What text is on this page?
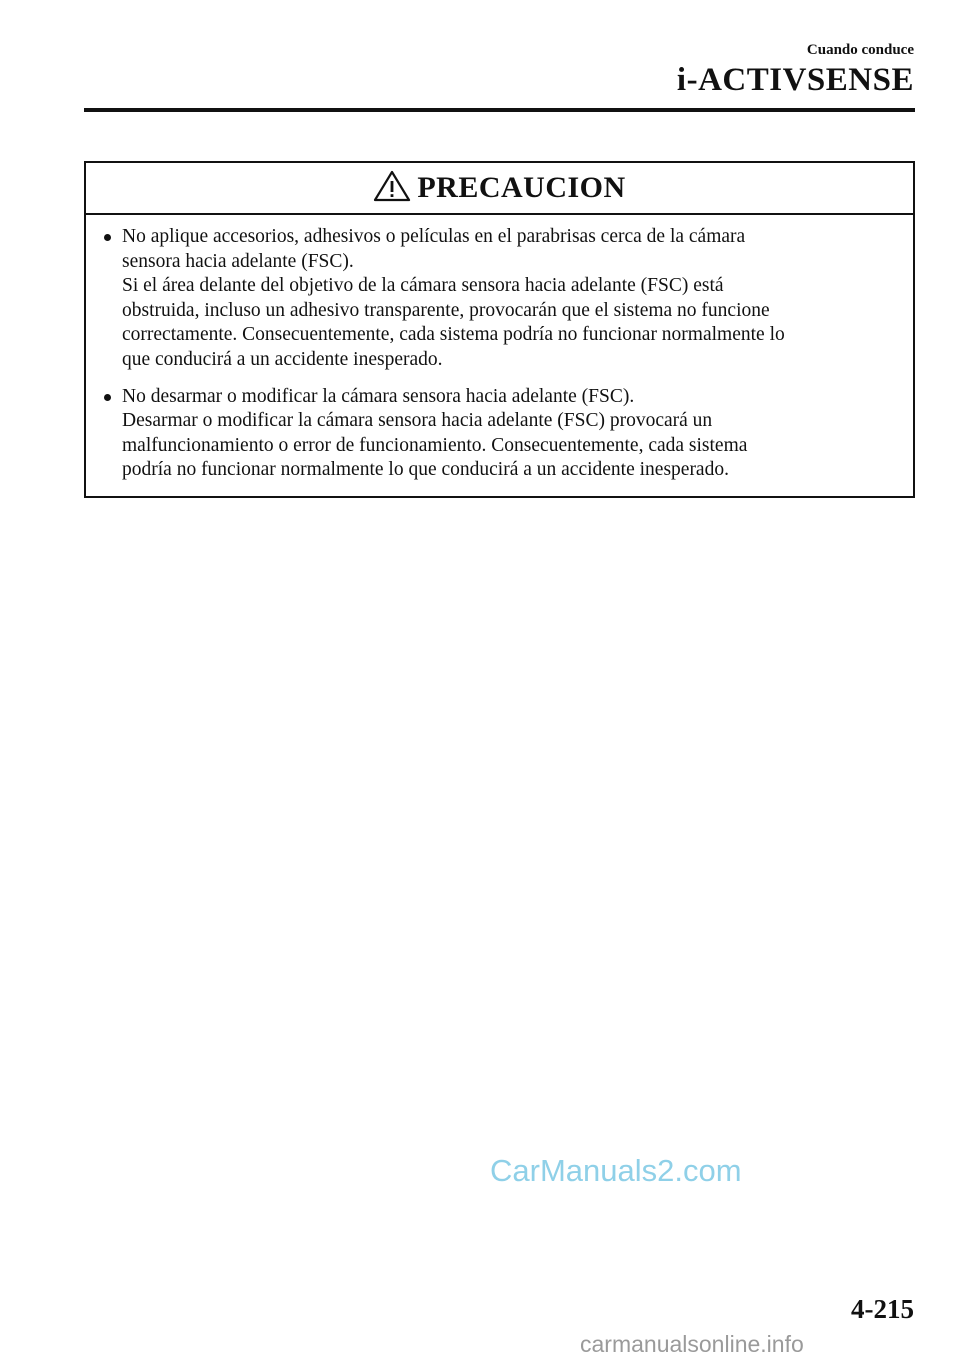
Cuando conduce
i-ACTIVSENSE
PRECAUCION
No aplique accesorios, adhesivos o películas en el parabrisas cerca de la cámara
sensora hacia adelante (FSC).
Si el área delante del objetivo de la cámara sensora hacia adelante (FSC) está
obstruida, incluso un adhesivo transparente, provocarán que el sistema no funcione
correctamente. Consecuentemente, cada sistema podría no funcionar normalmente lo
que conducirá a un accidente inesperado.
No desarmar o modificar la cámara sensora hacia adelante (FSC).
Desarmar o modificar la cámara sensora hacia adelante (FSC) provocará un
malfuncionamiento o error de funcionamiento. Consecuentemente, cada sistema
podría no funcionar normalmente lo que conducirá a un accidente inesperado.
CarManuals2.com
4-215
carmanualsonline.info
